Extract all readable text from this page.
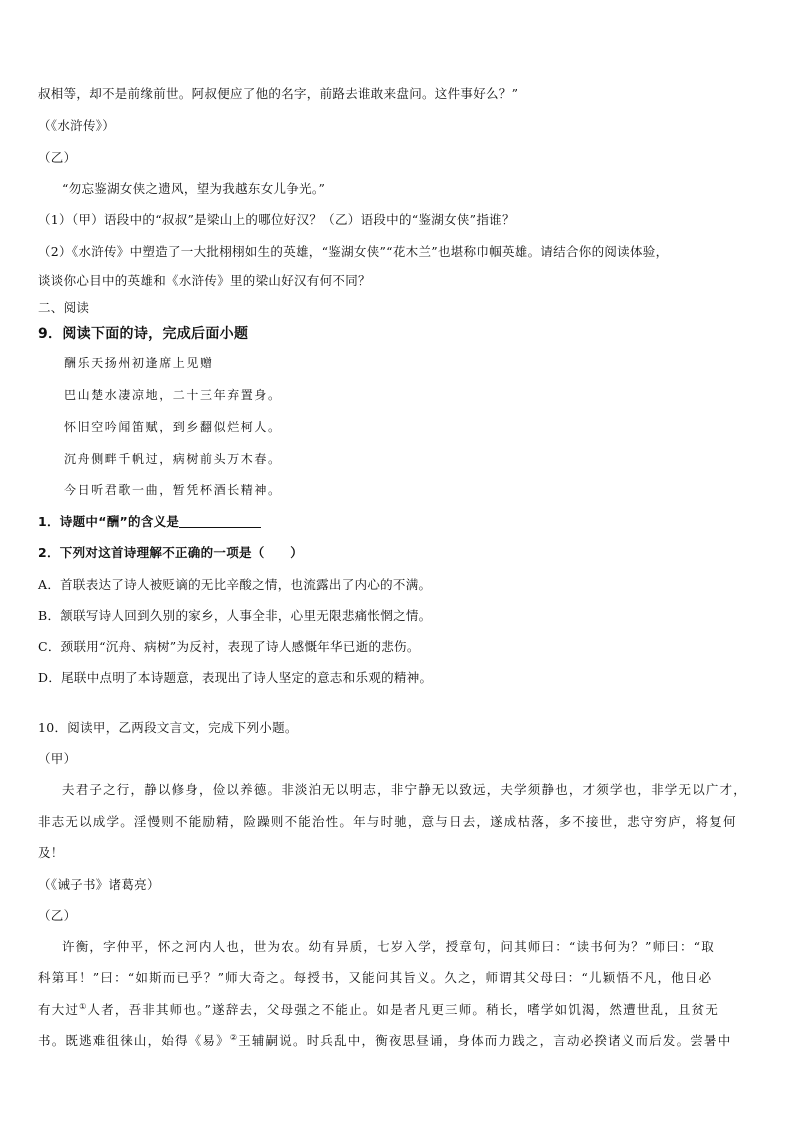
叔相等，却不是前缘前世。阿叔便应了他的名字，前路去谁敢来盘问。这件事好么？”
（《水浒传》）
（乙）
“勿忘鉴湖女侠之遗风，望为我越东女儿争光。”
（1）（甲）语段中的“叔叔”是梁山上的哪位好汉？（乙）语段中的“鉴湖女侠”指谁？
（2）《水浒传》中塑造了一大批栩栩如生的英雄，“鉴湖女侠”“花木兰”也堪称巾帼英雄。请结合你的阅读体验，
谈谈你心目中的英雄和《水浒传》里的梁山好汉有何不同？
二、阅读
9．阅读下面的诗，完成后面小题
酬乐天扬州初逢席上见赠
巴山楚水凄凉地，二十三年弃置身。
怀旧空吟闻笛赋，到乡翻似烂柯人。
沉舟侧畔千帆过，病树前头万木春。
今日听君歌一曲，暂凭杯酒长精神。
1．诗题中“酬”的含义是
2．下列对这首诗理解不正确的一项是（　　）
A．首联表达了诗人被贬谪的无比辛酸之情，也流露出了内心的不满。
B．颔联写诗人回到久别的家乡，人事全非，心里无限悲痛怅惘之情。
C．颈联用“沉舟、病树”为反衬，表现了诗人感慨年华已逝的悲伤。
D．尾联中点明了本诗题意，表现出了诗人坚定的意志和乐观的精神。
10．阅读甲，乙两段文言文，完成下列小题。
（甲）
夫君子之行，静以修身，俭以养德。非淡泊无以明志，非宁静无以致远，夫学须静也，才须学也，非学无以广才，
非志无以成学。淫慢则不能励精，险躁则不能治性。年与时驰，意与日去，遂成枯落，多不接世，悲守穷庐，将复何
及！
（《诫子书》诸葛亮）
（乙）
许衡，字仲平，怀之河内人也，世为农。幼有异质，七岁入学，授章句，问其师曰：“读书何为？”师曰：“取
科第耳！”曰：“如斯而已乎？”师大奇之。每授书，又能问其旨义。久之，师谓其父母曰：“儿颖悟不凡，他日必
有大过①人者，吾非其师也。”遂辞去，父母强之不能止。如是者凡更三师。稍长，嗜学如饥渴，然遭世乱，且贫无
书。既逃难徂徕山，始得《易》②王辅嗣说。时兵乱中，衡夜思昼诵，身体而力践之，言动必揆诸义而后发。尝暑中
